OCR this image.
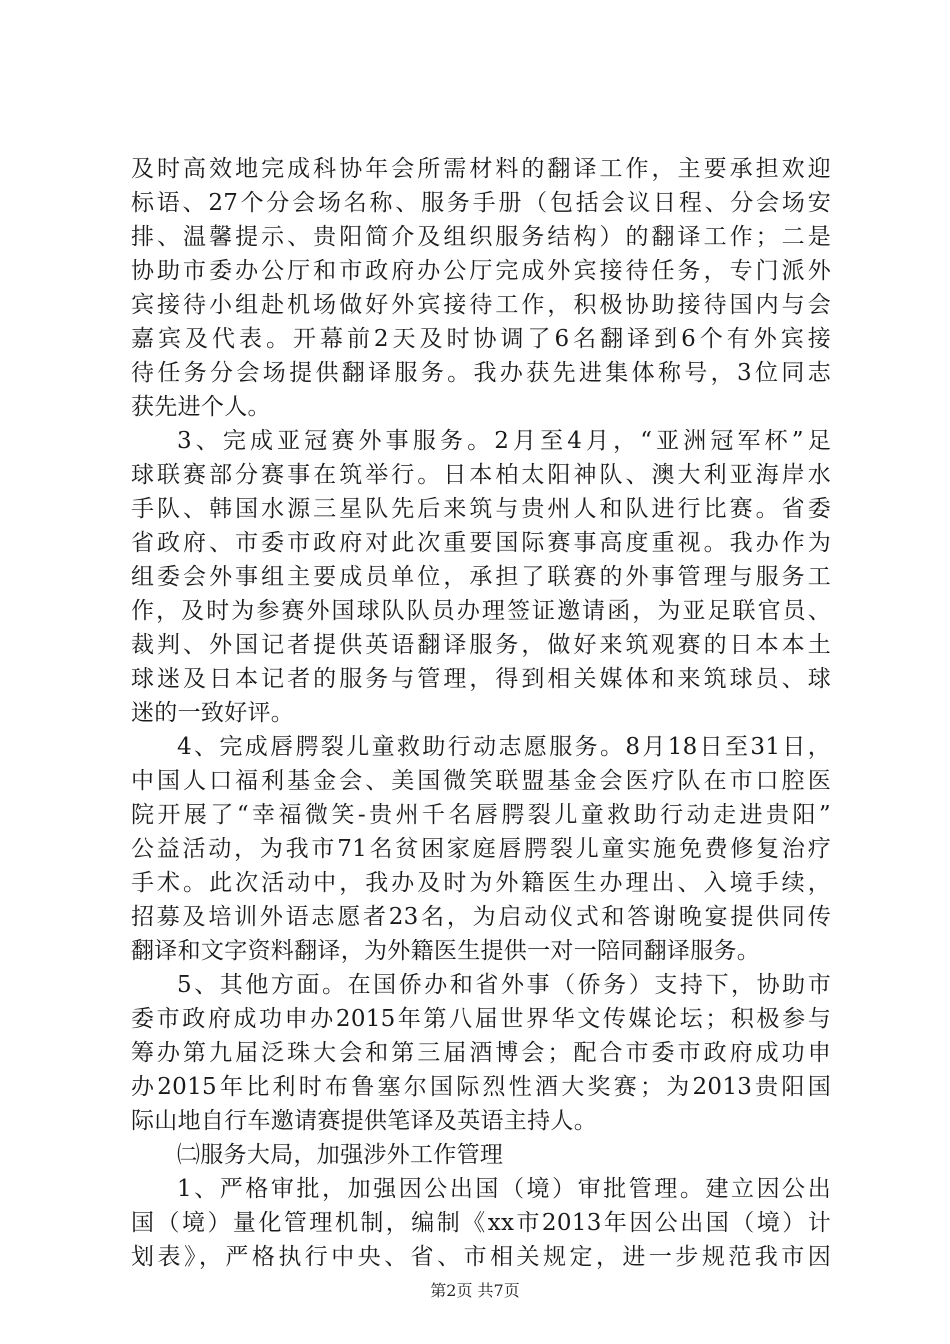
及时高效地完成科协年会所需材料的翻译工作，主要承担欢迎
标语、27个分会场名称、服务手册（包括会议日程、分会场安
排、温馨提示、贵阳简介及组织服务结构）的翻译工作；二是
协助市委办公厅和市政府办公厅完成外宾接待任务，专门派外
宾接待小组赴机场做好外宾接待工作，积极协助接待国内与会
嘉宾及代表。开幕前2天及时协调了6名翻译到6个有外宾接
待任务分会场提供翻译服务。我办获先进集体称号，3位同志
获先进个人。
3、完成亚冠赛外事服务。2月至4月，“亚洲冠军杯”足
球联赛部分赛事在筑举行。日本柏太阳神队、澳大利亚海岸水
手队、韩国水源三星队先后来筑与贵州人和队进行比赛。省委
省政府、市委市政府对此次重要国际赛事高度重视。我办作为
组委会外事组主要成员单位，承担了联赛的外事管理与服务工
作，及时为参赛外国球队队员办理签证邀请函，为亚足联官员、
裁判、外国记者提供英语翻译服务，做好来筑观赛的日本本土
球迷及日本记者的服务与管理，得到相关媒体和来筑球员、球
迷的一致好评。
4、完成唇腭裂儿童救助行动志愿服务。8月18日至31日，
中国人口福利基金会、美国微笑联盟基金会医疗队在市口腔医
院开展了“幸福微笑-贵州千名唇腭裂儿童救助行动走进贵阳”
公益活动，为我市71名贫困家庭唇腭裂儿童实施免费修复治疗
手术。此次活动中，我办及时为外籍医生办理出、入境手续，
招募及培训外语志愿者23名，为启动仪式和答谢晚宴提供同传
翻译和文字资料翻译，为外籍医生提供一对一陪同翻译服务。
5、其他方面。在国侨办和省外事（侨务）支持下，协助市
委市政府成功申办2015年第八届世界华文传媒论坛；积极参与
筹办第九届泛珠大会和第三届酒博会；配合市委市政府成功申
办2015年比利时布鲁塞尔国际烈性酒大奖赛；为2013贵阳国
际山地自行车邀请赛提供笔译及英语主持人。
㈡服务大局，加强涉外工作管理
1、严格审批，加强因公出国（境）审批管理。建立因公出
国（境）量化管理机制，编制《xx市2013年因公出国（境）计
划表》，严格执行中央、省、市相关规定，进一步规范我市因
第2页 共7页
